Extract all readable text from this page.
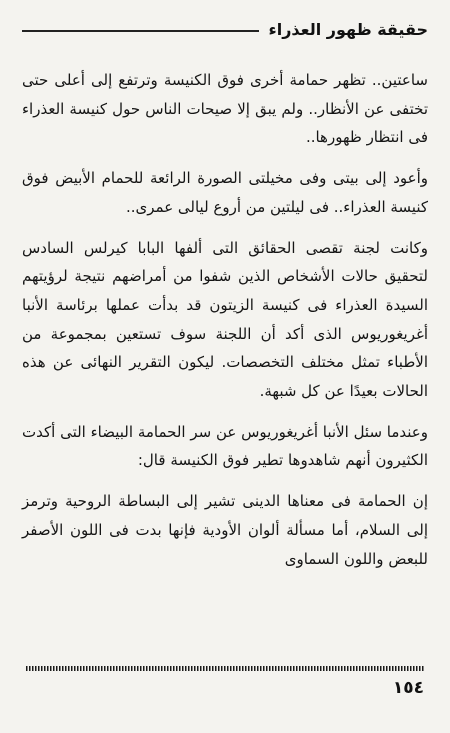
حقيقة ظهور العذراء

ساعتين.. تظهر حمامة أخرى فوق الكنيسة وترتفع إلى أعلى حتى تختفى عن الأنظار.. ولم يبق إلا صيحات الناس حول كنيسة العذراء فى انتظار ظهورها..

وأعود إلى بيتى وفى مخيلتى الصورة الرائعة للحمام الأبيض فوق كنيسة العذراء.. فى ليلتين من أروع ليالى عمرى..

وكانت لجنة تقصى الحقائق التى ألفها البابا كيرلس السادس لتحقيق حالات الأشخاص الذين شفوا من أمراضهم نتيجة لرؤيتهم السيدة العذراء فى كنيسة الزيتون قد بدأت عملها برئاسة الأنبا أغريغوريوس الذى أكد أن اللجنة سوف تستعين بمجموعة من الأطباء تمثل مختلف التخصصات. ليكون التقرير النهائى عن هذه الحالات بعيدًا عن كل شبهة.

وعندما سئل الأنبا أغريغوريوس عن سر الحمامة البيضاء التى أكدت الكثيرون أنهم شاهدوها تطير فوق الكنيسة قال:

إن الحمامة فى معناها الدينى تشير إلى البساطة الروحية وترمز إلى السلام، أما مسألة ألوان الأودية فإنها بدت فى اللون الأصفر للبعض واللون السماوى

١٥٤
